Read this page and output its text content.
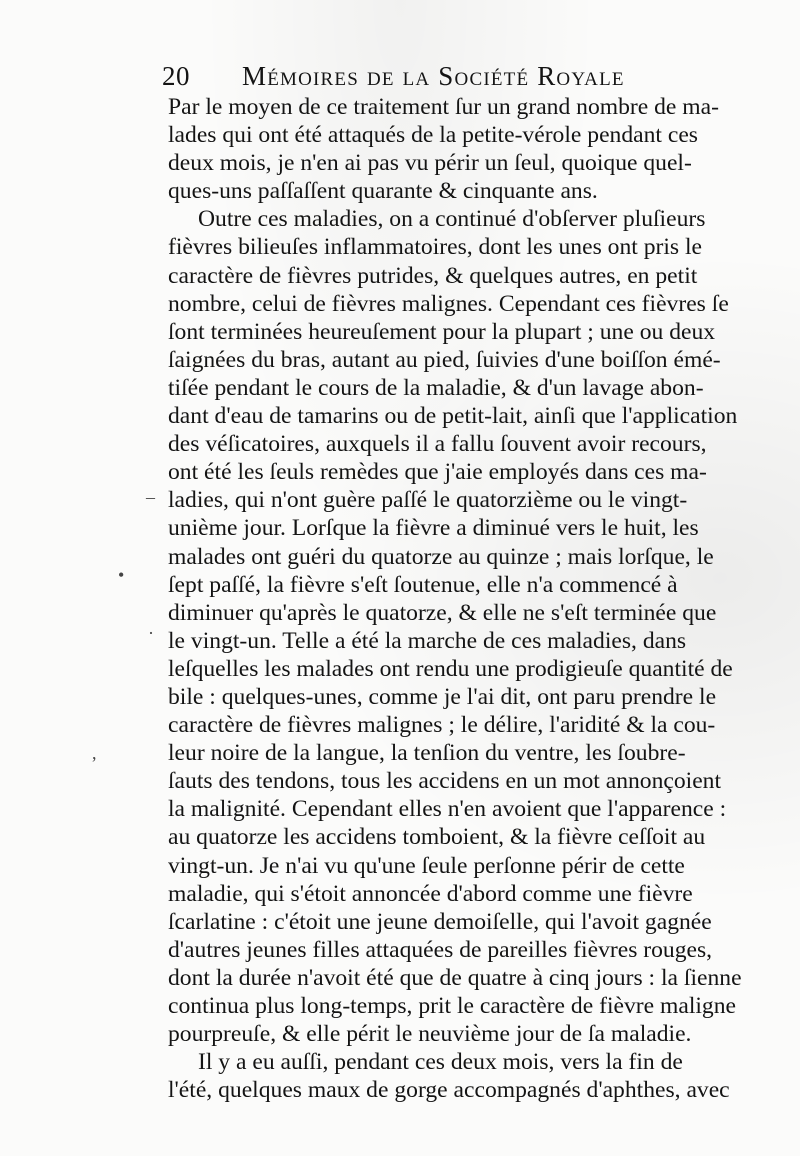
20 Mémoires de la Société Royale
Par le moyen de ce traitement ſur un grand nombre de ma-
lades qui ont été attaqués de la petite-vérole pendant ces
deux mois, je n'en ai pas vu périr un ſeul, quoique quel-
ques-uns paſſaſſent quarante & cinquante ans.
Outre ces maladies, on a continué d'obſerver pluſieurs
fièvres bilieuſes inflammatoires, dont les unes ont pris le
caractère de fièvres putrides, & quelques autres, en petit
nombre, celui de fièvres malignes. Cependant ces fièvres ſe
ſont terminées heureuſement pour la plupart ; une ou deux
ſaignées du bras, autant au pied, ſuivies d'une boiſſon émé-
tiſée pendant le cours de la maladie, & d'un lavage abon-
dant d'eau de tamarins ou de petit-lait, ainſi que l'application
des véſicatoires, auxquels il a fallu ſouvent avoir recours,
ont été les ſeuls remèdes que j'aie employés dans ces ma-
ladies, qui n'ont guère paſſé le quatorzième ou le vingt-
unième jour. Lorſque la fièvre a diminué vers le huit, les
malades ont guéri du quatorze au quinze ; mais lorſque, le
ſept paſſé, la fièvre s'eſt ſoutenue, elle n'a commencé à
diminuer qu'après le quatorze, & elle ne s'eſt terminée que
le vingt-un. Telle a été la marche de ces maladies, dans
leſquelles les malades ont rendu une prodigieuſe quantité de
bile : quelques-unes, comme je l'ai dit, ont paru prendre le
caractère de fièvres malignes ; le délire, l'aridité & la cou-
leur noire de la langue, la tenſion du ventre, les ſoubre-
ſauts des tendons, tous les accidens en un mot annonçoient
la malignité. Cependant elles n'en avoient que l'apparence :
au quatorze les accidens tomboient, & la fièvre ceſſoit au
vingt-un. Je n'ai vu qu'une ſeule perſonne périr de cette
maladie, qui s'étoit annoncée d'abord comme une fièvre
ſcarlatine : c'étoit une jeune demoiſelle, qui l'avoit gagnée
d'autres jeunes filles attaquées de pareilles fièvres rouges,
dont la durée n'avoit été que de quatre à cinq jours : la ſienne
continua plus long-temps, prit le caractère de fièvre maligne
pourpreuſe, & elle périt le neuvième jour de ſa maladie.
Il y a eu auſſi, pendant ces deux mois, vers la fin de
l'été, quelques maux de gorge accompagnés d'aphthes, avec
–
•
·
,
